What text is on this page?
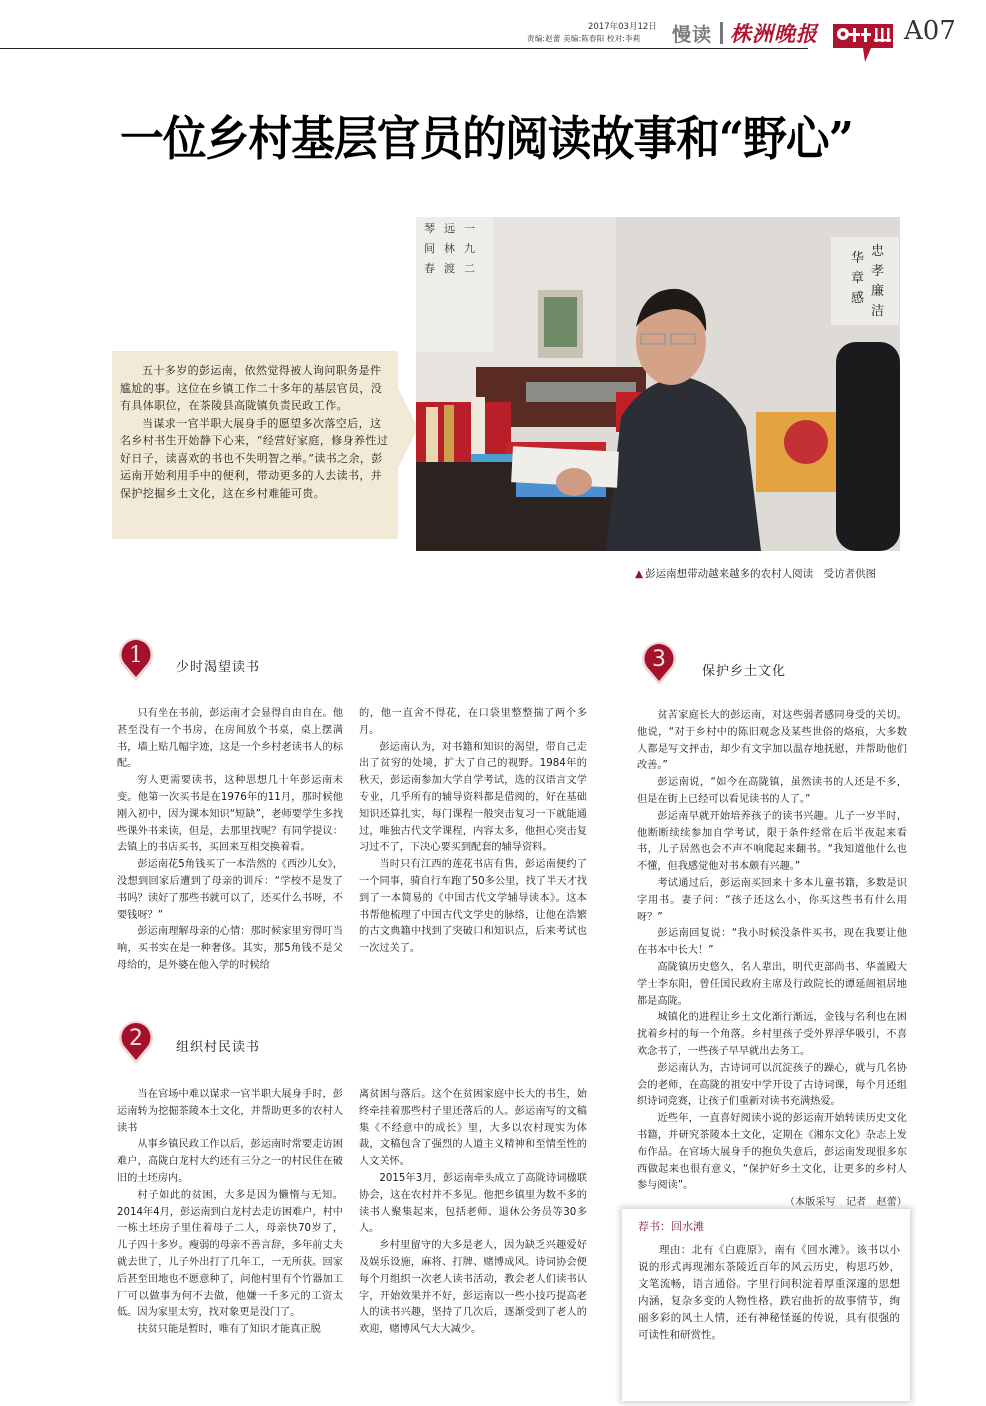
2017年03月12日
责编:赵蕾 美编:陈春阳 校对:李莉 慢读 株洲晚报	A07
一位乡村基层官员的阅读故事和“野心”

五十多岁的彭运南，依然觉得被人询问职务是件尴尬的事。这位在乡镇工作二十多年的基层官员，没有具体职位，在茶陵县高陇镇负责民政工作。

当谋求一官半职大展身手的愿望多次落空后，这名乡村书生开始静下心来，“经营好家庭，修身养性过好日子，读喜欢的书也不失明智之举。”读书之余，彭运南开始利用手中的便利，带动更多的人去读书，并保护挖掘乡土文化，这在乡村难能可贵。

琴
间
春
远
林
渡
一
九
二
忠
孝
廉
洁
华
章
感
▲ 彭运南想带动越来越多的农村人阅读　受访者供图
1	少时渴望读书

只有坐在书前，彭运南才会显得自由自在。他甚至没有一个书房，在房间放个书桌，桌上摆满书，墙上贴几幅字迹，这是一个乡村老读书人的标配。

穷人更需要读书，这种思想几十年彭运南未变。他第一次买书是在1976年的11月，那时候他刚入初中，因为课本知识“短缺”，老师要学生多找些课外书来读，但是，去那里找呢？有同学提议：去镇上的书店买书，买回来互相交换着看。

彭运南花5角钱买了一本浩然的《西沙儿女》，没想到回家后遭到了母亲的训斥：“学校不是发了书吗？读好了那些书就可以了，还买什么书呀，不要钱呀？”

彭运南理解母亲的心情：那时候家里穷得叮当响，买书实在是一种奢侈。其实，那5角钱不是父母给的，是外婆在他入学的时候给

的，他一直舍不得花，在口袋里整整揣了两个多月。

彭运南认为，对书籍和知识的渴望，带自己走出了贫穷的处境，扩大了自己的视野。1984年的秋天，彭运南参加大学自学考试，选的汉语言文学专业，几乎所有的辅导资料都是借阅的，好在基础知识还算扎实，每门课程一般突击复习一下就能通过，唯独古代文学课程，内容太多，他担心突击复习过不了，下决心要买到配套的辅导资料。

当时只有江西的莲花书店有售，彭运南便约了一个同事，骑自行车跑了50多公里，找了半天才找到了一本简易的《中国古代文学辅导读本》。这本书帮他梳理了中国古代文学史的脉络，让他在浩繁的古文典籍中找到了突破口和知识点，后来考试也一次过关了。

2	组织村民读书

当在官场中难以谋求一官半职大展身手时，彭运南转为挖掘茶陵本土文化，并帮助更多的农村人读书

从事乡镇民政工作以后，彭运南时常要走访困难户，高陇白龙村大约还有三分之一的村民住在破旧的土坯房内。

村子如此的贫困，大多是因为懒惰与无知。2014年4月，彭运南到白龙村去走访困难户，村中一栋土坯房子里住着母子二人，母亲快70岁了，儿子四十多岁。瘦弱的母亲不善言辞，多年前丈夫就去世了，儿子外出打了几年工，一无所获。回家后甚至田地也不愿意种了，问他村里有个竹器加工厂可以做事为何不去做，他嫌一千多元的工资太低。因为家里太穷，找对象更是没门了。

扶贫只能是暂时，唯有了知识才能真正脱

离贫困与落后。这个在贫困家庭中长大的书生，始终牵挂着那些村子里还落后的人。彭运南写的文稿集《不经意中的成长》里，大多以农村现实为体裁，文稿包含了强烈的人道主义精神和至情至性的人文关怀。

2015年3月，彭运南牵头成立了高陇诗词楹联协会，这在农村并不多见。他把乡镇里为数不多的读书人聚集起来，包括老师、退休公务员等30多人。

乡村里留守的大多是老人，因为缺乏兴趣爱好及娱乐设施，麻将、打牌、赌博成风。诗词协会便每个月组织一次老人读书活动，教会老人们读书认字，开始效果并不好，彭运南以一些小技巧提高老人的读书兴趣，坚持了几次后，逐渐受到了老人的欢迎，赌博风气大大减少。

3	保护乡土文化

贫苦家庭长大的彭运南，对这些弱者感同身受的关切。他说，“对于乡村中的陈旧观念及某些世俗的烙痕，大多数人都是写文抨击，却少有文字加以温存地抚慰，并帮助他们改善。”

彭运南说，“如今在高陇镇，虽然读书的人还是不多，但是在街上已经可以看见读书的人了。”

彭运南早就开始培养孩子的读书兴趣。儿子一岁半时，他断断续续参加自学考试，限于条件经常在后半夜起来看书，儿子居然也会不声不响爬起来翻书。“我知道他什么也不懂，但我感觉他对书本颇有兴趣。”

考试通过后，彭运南买回来十多本儿童书籍，多数是识字用书。妻子问：“孩子还这么小，你买这些书有什么用呀？”

彭运南回复说：“我小时候没条件买书，现在我要让他在书本中长大！”

高陇镇历史悠久，名人辈出，明代吏部尚书、华盖殿大学士李东阳，曾任国民政府主席及行政院长的谭延闿祖居地都是高陇。

城镇化的进程让乡土文化渐行渐远，金钱与名利也在困扰着乡村的每一个角落。乡村里孩子受外界浮华吸引，不喜欢念书了，一些孩子早早就出去务工。

彭运南认为，古诗词可以沉淀孩子的躁心，就与几名协会的老师，在高陇的祖安中学开设了古诗词课，每个月还组织诗词竞赛，让孩子们重新对读书充满热爱。

近些年，一直喜好阅读小说的彭运南开始转读历史文化书籍，并研究茶陵本土文化，定期在《湘东文化》杂志上发布作品。在官场大展身手的抱负失意后，彭运南发现很多东西做起来也很有意义，“保护好乡土文化，让更多的乡村人参与阅读”。

（本版采写　记者　赵蕾）

荐书：回水滩

理由：北有《白鹿原》，南有《回水滩》。该书以小说的形式再现湘东茶陵近百年的风云历史，构思巧妙，文笔流畅，语言通俗。字里行间积淀着厚重深邃的思想内涵，复杂多变的人物性格，跌宕曲折的故事情节，绚丽多彩的风土人情，还有神秘怪诞的传说，具有很强的可读性和研赏性。
